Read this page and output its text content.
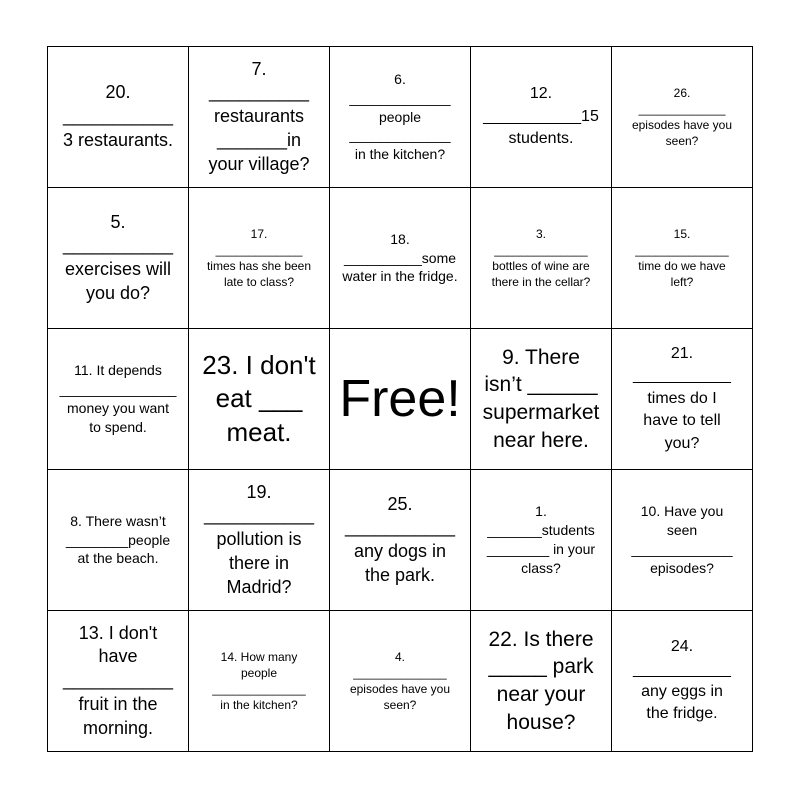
20.
___________
3 restaurants.
7.
__________
restaurants
_______in
your village?
6.
_____________
people
_____________
in the kitchen?
12.
___________15
students.
26.
_____________
episodes have you
seen?
5.
___________
exercises will
you do?
17.
_____________
times has she been
late to class?
18.
__________some
water in the fridge.
3.
______________
bottles of wine are
there in the cellar?
15.
______________
time do we have
left?
11. It depends
_______________
money you want
to spend.
23. I don't
eat ___
meat.
Free!
9. There
isn’t ______
supermarket
near here.
21.
___________
times do I
have to tell
you?
8. There wasn’t
________people
at the beach.
19.
___________
pollution is
there in
Madrid?
25.
___________
any dogs in
the park.
1.
_______students
________ in your
class?
10. Have you
seen
_____________
episodes?
13. I don't
have
___________
fruit in the
morning.
14. How many
people
______________
in the kitchen?
4.
______________
episodes have you
seen?
22. Is there
_____ park
near your
house?
24.
___________
any eggs in
the fridge.
